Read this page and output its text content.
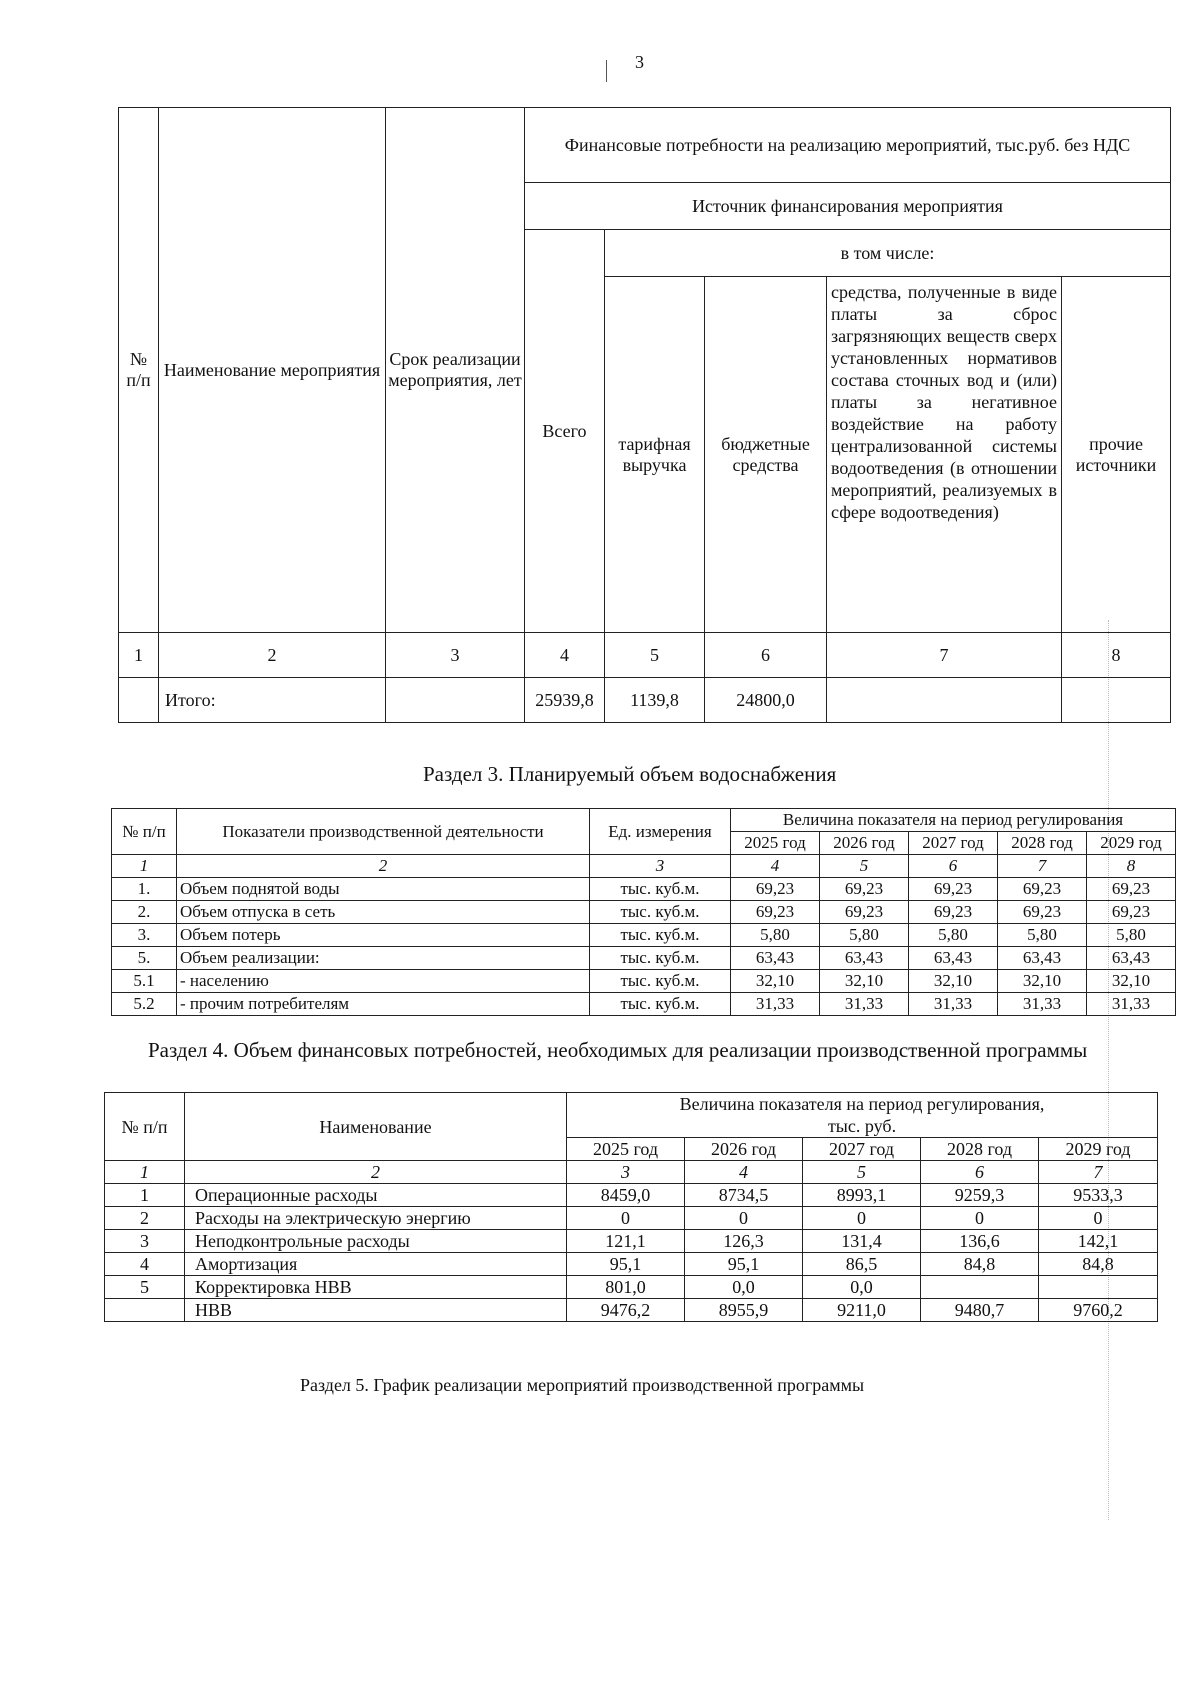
3
№ п/п	Наименование мероприятия	Срок реализации мероприятия, лет	Финансовые потребности на реализацию мероприятий, тыс.руб. без НДС				
			Источник финансирования мероприятия				
			Всего	в том числе:			
				тарифная выручка	бюджетные средства	средства, полученные в виде платы за сброс загрязняющих веществ сверх установленных нормативов состава сточных вод и (или) платы за негативное воздействие на работу централизованной системы водоотведения (в отношении мероприятий, реализуемых в сфере водоотведения)	прочие источники
1	2	3	4	5	6	7	8
	Итого:		25939,8	1139,8	24800,0		
Раздел 3. Планируемый объем водоснабжения
№ п/п	Показатели производственной деятельности	Ед. измерения	Величина показателя на период регулирования				
			2025 год	2026 год	2027 год	2028 год	2029 год
1	2	3	4	5	6	7	8
1.	Объем поднятой воды	тыс. куб.м.	69,23	69,23	69,23	69,23	69,23
2.	Объем отпуска в сеть	тыс. куб.м.	69,23	69,23	69,23	69,23	69,23
3.	Объем потерь	тыс. куб.м.	5,80	5,80	5,80	5,80	5,80
5.	Объем реализации:	тыс. куб.м.	63,43	63,43	63,43	63,43	63,43
5.1	- населению	тыс. куб.м.	32,10	32,10	32,10	32,10	32,10
5.2	- прочим потребителям	тыс. куб.м.	31,33	31,33	31,33	31,33	31,33
Раздел 4. Объем финансовых потребностей, необходимых для реализации производственной программы
№ п/п	Наименование	Величина показателя на период регулирования,				
		тыс. руб.				
		2025 год	2026 год	2027 год	2028 год	2029 год
1	2	3	4	5	6	7
1	Операционные расходы	8459,0	8734,5	8993,1	9259,3	9533,3
2	Расходы на электрическую энергию	0	0	0	0	0
3	Неподконтрольные расходы	121,1	126,3	131,4	136,6	142,1
4	Амортизация	95,1	95,1	86,5	84,8	84,8
5	Корректировка НВВ	801,0	0,0	0,0		
	НВВ	9476,2	8955,9	9211,0	9480,7	9760,2
Раздел 5. График реализации мероприятий производственной программы
